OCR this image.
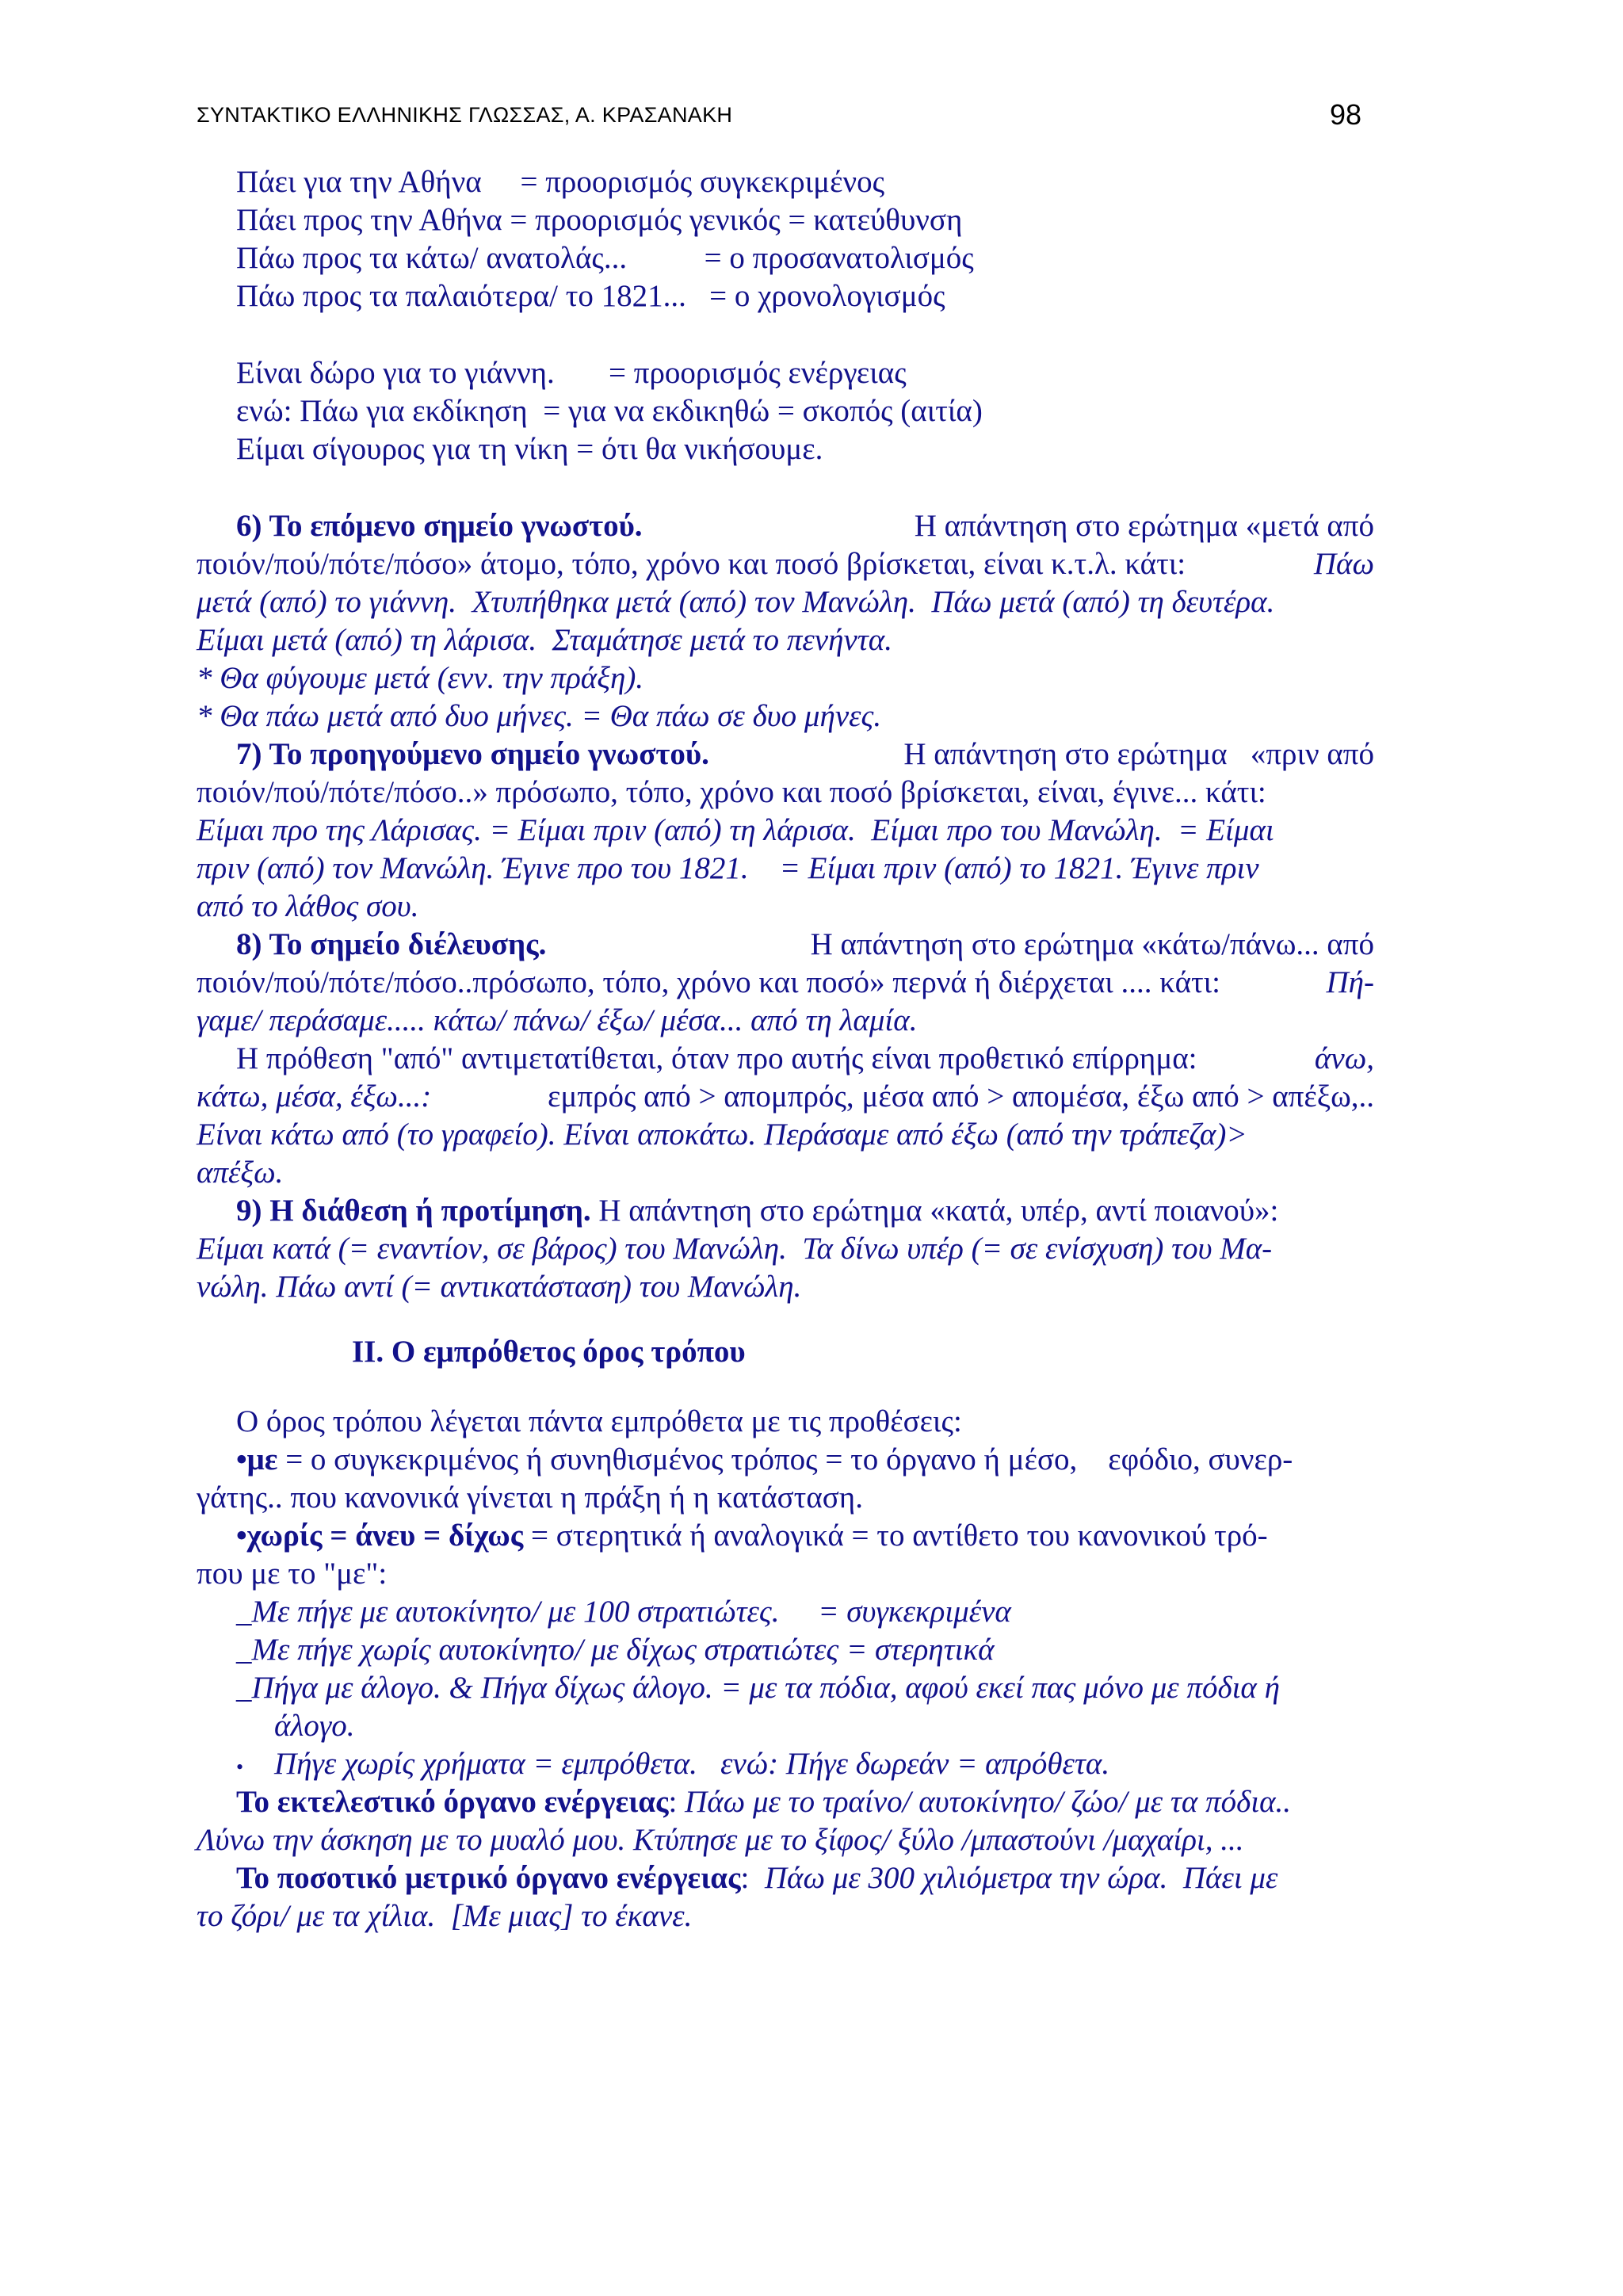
ΣΥΝΤΑΚΤΙΚΟ ΕΛΛΗΝΙΚΗΣ ΓΛΩΣΣΑΣ, Α. ΚΡΑΣΑΝΑΚΗ	98
Πάει για την Αθήνα     = προορισμός συγκεκριμένος
Πάει προς την Αθήνα = προορισμός γενικός = κατεύθυνση
Πάω προς τα κάτω/ ανατολάς...          = ο προσανατολισμός
Πάω προς τα παλαιότερα/ το 1821...   = ο χρονολογισμός
Είναι δώρο για το γιάννη.       = προορισμός ενέργειας
ενώ: Πάω για εκδίκηση  = για να εκδικηθώ = σκοπός (αιτία)
Είμαι σίγουρος για τη νίκη = ότι θα νικήσουμε.
6) Το επόμενο σημείο γνωστού.	Η απάντηση στο ερώτημα «μετά από
ποιόν/πού/πότε/πόσο» άτομο, τόπο, χρόνο και ποσό βρίσκεται, είναι κ.τ.λ. κάτι:	Πάω
μετά (από) το γιάννη.  Χτυπήθηκα μετά (από) τον Μανώλη.  Πάω μετά (από) τη δευτέρα.
Είμαι μετά (από) τη λάρισα.  Σταμάτησε μετά το πενήντα.
* Θα φύγουμε μετά (ενν. την πράξη).
* Θα πάω μετά από δυο μήνες. = Θα πάω σε δυο μήνες.
7) Το προηγούμενο σημείο γνωστού.	Η απάντηση στο ερώτημα   «πριν από
ποιόν/πού/πότε/πόσο..» πρόσωπο, τόπο, χρόνο και ποσό βρίσκεται, είναι, έγινε... κάτι:
Είμαι προ της Λάρισας. = Είμαι πριν (από) τη λάρισα.  Είμαι προ του Μανώλη.  = Είμαι
πριν (από) τον Μανώλη. Έγινε προ του 1821.    = Είμαι πριν (από) το 1821. Έγινε πριν
από το λάθος σου.
8) Το σημείο διέλευσης.	Η απάντηση στο ερώτημα «κάτω/πάνω... από
ποιόν/πού/πότε/πόσο..πρόσωπο, τόπο, χρόνο και ποσό» περνά ή διέρχεται .... κάτι:	Πή-
γαμε/ περάσαμε..... κάτω/ πάνω/ έξω/ μέσα... από τη λαμία.
Η πρόθεση "από" αντιμετατίθεται, όταν προ αυτής είναι προθετικό επίρρημα:	άνω,
κάτω, μέσα, έξω...:	εμπρός από > απομπρός, μέσα από > απομέσα, έξω από > απέξω,..
Είναι κάτω από (το γραφείο). Είναι αποκάτω. Περάσαμε από έξω (από την τράπεζα)>
απέξω.
9) Η διάθεση ή προτίμηση. Η απάντηση στο ερώτημα «κατά, υπέρ, αντί ποιανού»:
Είμαι κατά (= εναντίον, σε βάρος) του Μανώλη.  Τα δίνω υπέρ (= σε ενίσχυση) του Μα-
νώλη. Πάω αντί (= αντικατάσταση) του Μανώλη.
ΙΙ. Ο εμπρόθετος όρος τρόπου
Ο όρος τρόπου λέγεται πάντα εμπρόθετα με τις προθέσεις:
•με = ο συγκεκριμένος ή συνηθισμένος τρόπος = το όργανο ή μέσο,    εφόδιο, συνερ-
γάτης.. που κανονικά γίνεται η πράξη ή η κατάσταση.
•χωρίς = άνευ = δίχως = στερητικά ή αναλογικά = το αντίθετο του κανονικού τρό-
που με το "με":
_Με πήγε με αυτοκίνητο/ με 100 στρατιώτες.     = συγκεκριμένα
_Με πήγε χωρίς αυτοκίνητο/ με δίχως στρατιώτες = στερητικά
_Πήγα με άλογο. & Πήγα δίχως άλογο. = με τα πόδια, αφού εκεί πας μόνο με πόδια ή
άλογο.
• Πήγε χωρίς χρήματα = εμπρόθετα.   ενώ: Πήγε δωρεάν = απρόθετα.
Το εκτελεστικό όργανο ενέργειας: Πάω με το τραίνο/ αυτοκίνητο/ ζώο/ με τα πόδια..
Λύνω την άσκηση με το μυαλό μου. Κτύπησε με το ξίφος/ ξύλο /μπαστούνι /μαχαίρι, ...
Το ποσοτικό μετρικό όργανο ενέργειας:  Πάω με 300 χιλιόμετρα την ώρα.  Πάει με
το ζόρι/ με τα χίλια.  [Με μιας] το έκανε.
